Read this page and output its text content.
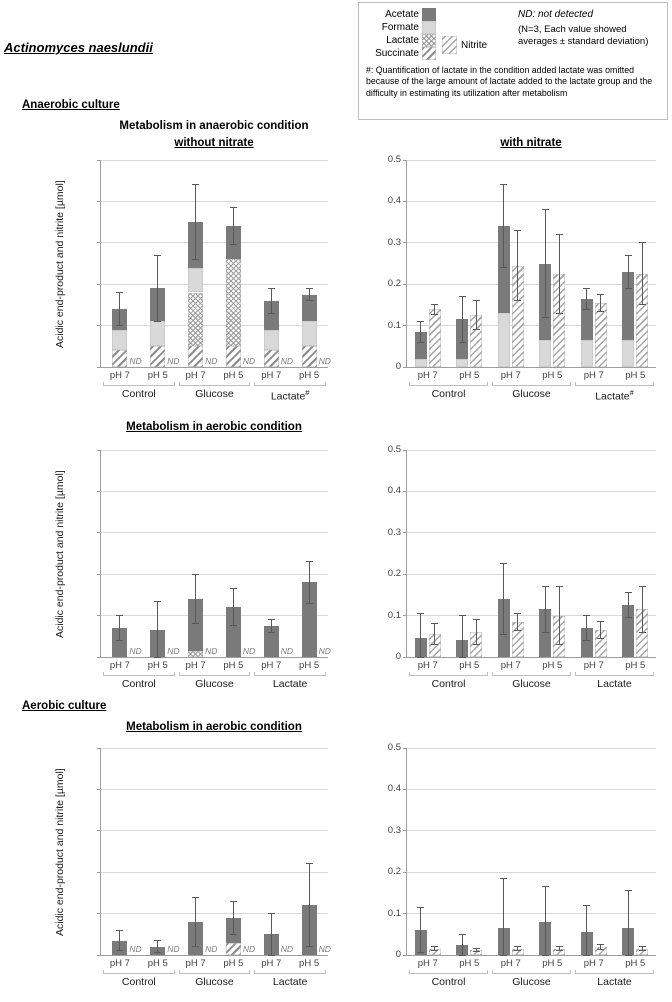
Acetate
Formate
Lactate
Succinate
Nitrite
ND: not detected
(N=3, Each value showed averages ± standard deviation)
#: Quantification of lactate in the condition added lactate was omitted because of the large amount of lactate added to the lactate group and the difficulty in estimating its utilization after metabolism
Actinomyces naeslundii
Anaerobic culture
Metabolism in anaerobic condition
without nitrate	with nitrate
Metabolism in aerobic condition
Aerobic culture
Metabolism in aerobic condition
Acidic end-product and nitrite [µmol]
Acidic end-product and nitrite [µmol]
Acidic end-product and nitrite [µmol]
ND
pH 7
ND
pH 5
ND
pH 7
ND
pH 5
ND
pH 7
ND
pH 5
Control	Glucose	Lactate#
0
0.1
0.2
0.3
0.4
0.5
pH 7	pH 5	pH 7	pH 5	pH 7	pH 5
Control	Glucose	Lactate#
ND
pH 7
ND
pH 5
ND
pH 7
ND
pH 5
ND
pH 7
ND
pH 5
Control	Glucose	Lactate
0
0.1
0.2
0.3
0.4
0.5
pH 7	pH 5	pH 7	pH 5	pH 7	pH 5
Control	Glucose	Lactate
ND
pH 7
ND
pH 5
ND
pH 7
ND
pH 5
ND
pH 7
ND
pH 5
Control	Glucose	Lactate
0
0.1
0.2
0.3
0.4
0.5
pH 7	pH 5	pH 7	pH 5	pH 7	pH 5
Control	Glucose	Lactate
